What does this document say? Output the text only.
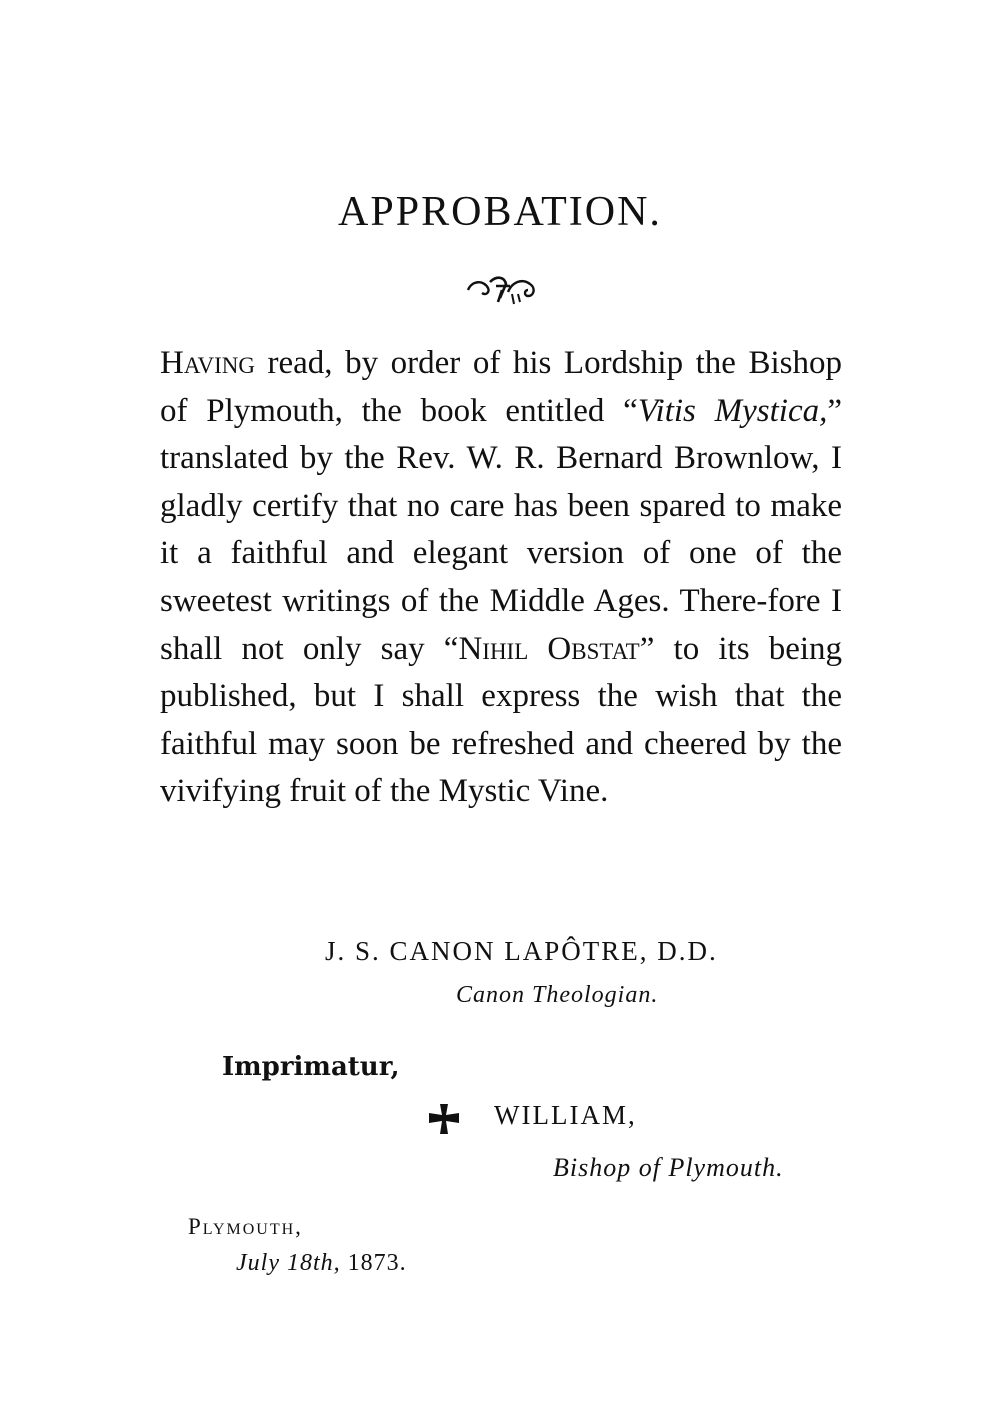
APPROBATION.

Having read, by order of his Lordship the Bishop of Plymouth, the book entitled “Vitis Mystica,” translated by the Rev. W. R. Bernard Brownlow, I gladly certify that no care has been spared to make it a faithful and elegant version of one of the sweetest writings of the Middle Ages. There-fore I shall not only say “Nihil Obstat” to its being published, but I shall express the wish that the faithful may soon be refreshed and cheered by the vivifying fruit of the Mystic Vine.

J. S. CANON LAPÔTRE, D.D.
Canon Theologian.
Imprimatur,
WILLIAM,
Bishop of Plymouth.
Plymouth,
July 18th, 1873.
